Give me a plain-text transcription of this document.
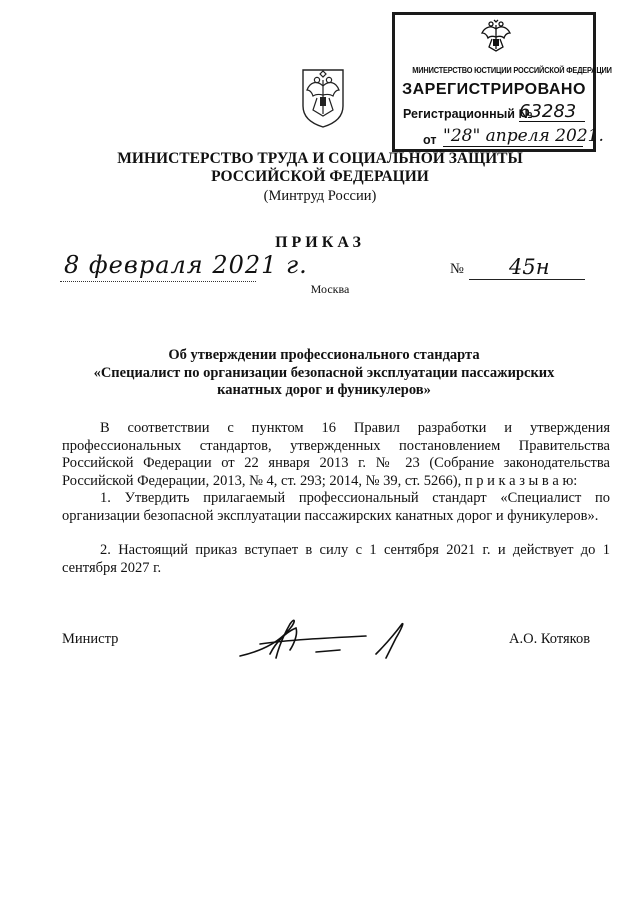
МИНИСТЕРСТВО ЮСТИЦИИ РОССИЙСКОЙ ФЕДЕРАЦИИ
ЗАРЕГИСТРИРОВАНО
Регистрационный №
63283
от "28" апреля 2021.
МИНИСТЕРСТВО ТРУДА И СОЦИАЛЬНОЙ ЗАЩИТЫ
РОССИЙСКОЙ ФЕДЕРАЦИИ
(Минтруд России)
ПРИКАЗ
8 февраля 2021 г.	№	45н
Москва
Об утверждении профессионального стандарта
«Специалист по организации безопасной эксплуатации пассажирских
канатных дорог и фуникулеров»
В соответствии с пунктом 16 Правил разработки и утверждения профессиональных стандартов, утвержденных постановлением Правительства Российской Федерации от 22 января 2013 г. № 23 (Собрание законодательства Российской Федерации, 2013, № 4, ст. 293; 2014, № 39, ст. 5266), п р и к а з ы в а ю:
1. Утвердить прилагаемый профессиональный стандарт «Специалист по организации безопасной эксплуатации пассажирских канатных дорог и фуникулеров».
2. Настоящий приказ вступает в силу с 1 сентября 2021 г. и действует до 1 сентября 2027 г.
Министр	А.О. Котяков
